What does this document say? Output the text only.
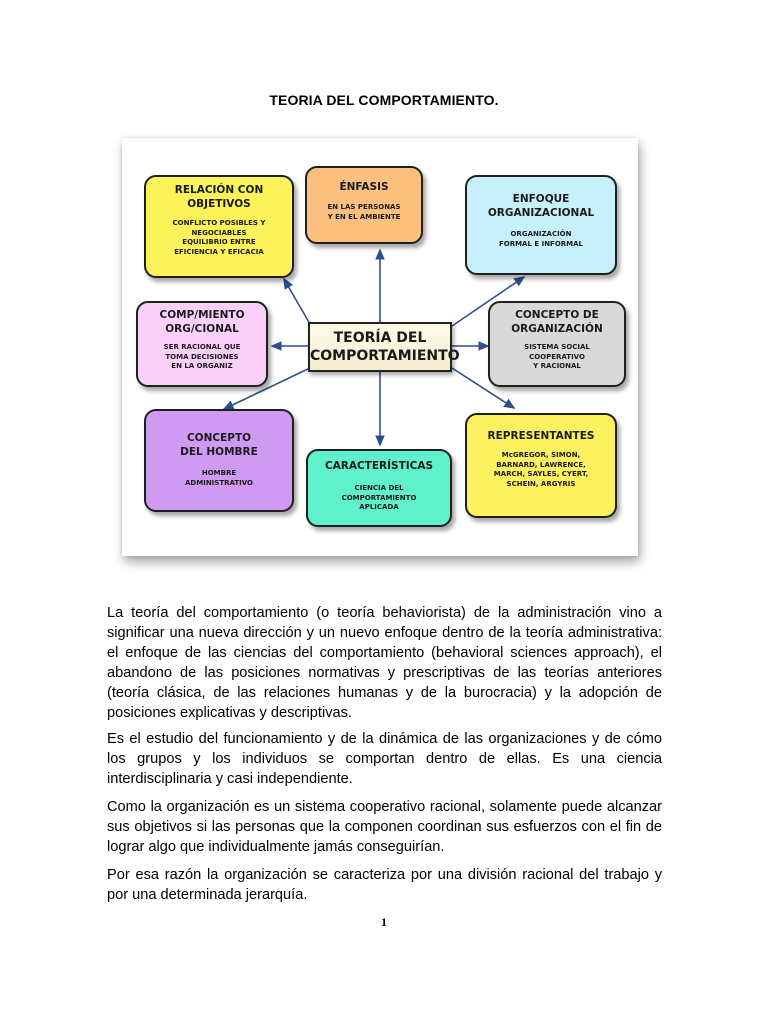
TEORIA DEL COMPORTAMIENTO.
RELACIÓN CON
OBJETIVOS
CONFLICTO POSIBLES Y
NEGOCIABLES
EQUILIBRIO ENTRE
EFICIENCIA Y EFICACIA
ÉNFASIS
EN LAS PERSONAS
Y EN EL AMBIENTE
ENFOQUE
ORGANIZACIONAL
ORGANIZACIÓN
FORMAL E INFORMAL
COMP/MIENTO
ORG/CIONAL
SER RACIONAL QUE
TOMA DECISIONES
EN LA ORGANIZ
CONCEPTO DE
ORGANIZACIÓN
SISTEMA SOCIAL
COOPERATIVO
Y RACIONAL
TEORÍA DEL
COMPORTAMIENTO
CONCEPTO
DEL HOMBRE
HOMBRE
ADMINISTRATIVO
CARACTERÍSTICAS
CIENCIA DEL
COMPORTAMIENTO
APLICADA
REPRESENTANTES
McGREGOR, SIMON,
BARNARD, LAWRENCE,
MARCH, SAYLES, CYERT,
SCHEIN, ARGYRIS

La teoría del comportamiento (o teoría behaviorista) de la administración vino a significar una nueva dirección y un nuevo enfoque dentro de la teoría administrativa: el enfoque de las ciencias del comportamiento (behavioral sciences approach), el abandono de las posiciones normativas y prescriptivas de las teorías anteriores (teoría clásica, de las relaciones humanas y de la burocracia) y la adopción de posiciones explicativas y descriptivas.

Es el estudio del funcionamiento y de la dinámica de las organizaciones y de cómo los grupos y los individuos se comportan dentro de ellas. Es una ciencia interdisciplinaria y casi independiente.

Como la organización es un sistema cooperativo racional, solamente puede alcanzar sus objetivos si las personas que la componen coordinan sus esfuerzos con el fin de lograr algo que individualmente jamás conseguirían.

Por esa razón la organización se caracteriza por una división racional del trabajo y por una determinada jerarquía.

1
